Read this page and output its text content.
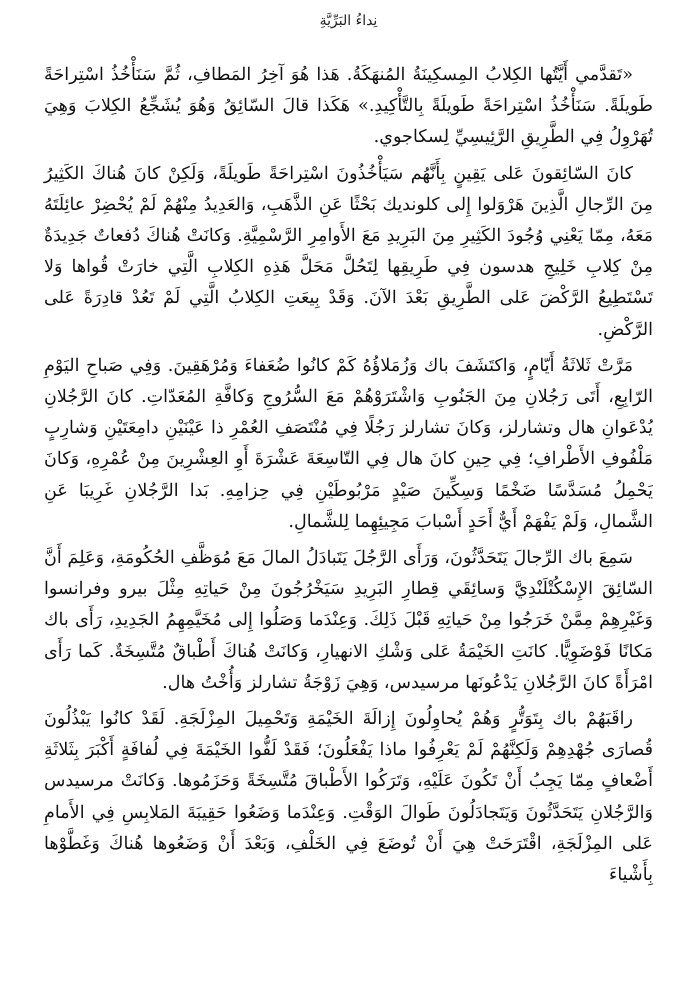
نِداءُ البَرِّيَّةِ

«تَقدَّمي أَيَّتُها الكِلابُ المِسكِينَةُ المُنهَكَةُ. هَذا هُوَ آخِرُ المَطافِ، ثُمَّ سَنَأْخُذُ اسْتِراحَةً طَويلَةً. سَنَأْخُذُ اسْتِراحَةً طَويلَةً بِالتَّأْكِيدِ.» هَكَذا قالَ السّائِقُ وَهُوَ يُشَجِّعُ الكِلابَ وَهِيَ تُهَرْوِلُ فِي الطَّرِيقِ الرَّئِيسِيِّ لِسكاجوي.

كانَ السّائِقونَ عَلى يَقِينٍ بِأَنَّهُم سَيَأْخُذُونَ اسْتِراحَةً طَويلَةً، وَلَكِنْ كانَ هُناكَ الكَثِيرُ مِنَ الرِّجالِ الَّذِينَ هَرْوَلوا إِلى كلونديك بَحْثًا عَنِ الذَّهَبِ، وَالعَدِيدُ مِنْهُمْ لَمْ يُحْضِرْ عائِلَتَهُ مَعَهُ، مِمّا يَعْنِي وُجُودَ الكَثِيرِ مِنَ البَرِيدِ مَعَ الأَوامِرِ الرَّسْمِيَّةِ. وَكانَتْ هُناكَ دُفعاتٌ جَدِيدَةٌ مِنْ كِلابِ خَلِيجِ هدسون فِي طَرِيقِها لِتَحُلَّ مَحَلَّ هَذِهِ الكِلابِ الَّتِي خارَتْ قُواها وَلا تَسْتَطِيعُ الرَّكْضَ عَلى الطَّرِيقِ بَعْدَ الآنَ. وَقَدْ بِيعَتِ الكِلابُ الَّتِي لَمْ تَعُدْ قادِرَةً عَلى الرَّكْضِ.

مَرَّتْ ثَلاثَةُ أَيّامٍ، وَاكتَشَفَ باك وَزُمَلاؤُهُ كَمْ كانُوا ضُعَفاءَ وَمُرْهَقِينَ. وَفِي صَباحِ اليَوْمِ الرّابِعِ، أَتَى رَجُلانِ مِنَ الجَنُوبِ وَاشْتَرَوْهُمْ مَعَ السُّرُوجِ وَكافَّةِ المُعَدّاتِ. كانَ الرَّجُلانِ يُدْعَوانِ هال وتشارلز، وَكانَ تشارلز رَجُلًا فِي مُنْتَصَفِ العُمْرِ ذا عَيْنَيْنِ دامِعَتَيْنِ وَشارِبٍ مَلْفُوفِ الأَطْرافِ؛ فِي حِينِ كانَ هال فِي التّاسِعَةَ عَشْرَةَ أَوِ العِشْرِينَ مِنْ عُمْرِهِ، وَكانَ يَحْمِلُ مُسَدَّسًا ضَخْمًا وَسِكِّينَ صَيْدٍ مَرْبُوطَيْنِ فِي حِزامِهِ. بَدا الرَّجُلانِ غَرِيبَا عَنِ الشَّمالِ، وَلَمْ يَفْهَمْ أَيٌّ أَحَدٍ أَسْبابَ مَجِيئِهِما لِلشَّمالِ.

سَمِعَ باك الرِّجالَ يَتَحَدَّثُونَ، وَرَأَى الرَّجُلَ يَتَبادَلُ المالَ مَعَ مُوَظَّفِ الحُكُومَةِ، وَعَلِمَ أَنَّ السّائِقَ الإِسْكُتْلَنْدِيَّ وَسائِقَي قِطارِ البَرِيدِ سَيَخْرُجُونَ مِنْ حَياتِهِ مِثْلَ بيرو وفرانسوا وَغَيْرِهِمْ مِمَّنْ خَرَجُوا مِنْ حَياتِهِ قَبْلَ ذَلِكَ. وَعِنْدَما وَصَلُوا إِلى مُخَيَّمِهِمُ الجَدِيدِ، رَأَى باك مَكانًا فَوْضَوِيًّا. كانَتِ الخَيْمَةُ عَلى وَشْكِ الانهيارِ، وَكانَتْ هُناكَ أَطْباقٌ مُتَّسِخَةٌ. كَما رَأَى امْرَأَةً كانَ الرَّجُلانِ يَدْعُونَها مرسيدس، وَهِيَ زَوْجَةُ تشارلز وَأُخْتُ هال.

راقَبَهُمْ باك بِتَوَتُّرٍ وَهُمْ يُحاوِلُونَ إِزالَةَ الخَيْمَةِ وَتَحْمِيلَ المِزْلَجَةِ. لَقَدْ كانُوا يَبْذُلُونَ قُصارَى جُهْدِهِمْ وَلَكِنَّهُمْ لَمْ يَعْرِفُوا ماذا يَفْعَلُونَ؛ فَقَدْ لَفُّوا الخَيْمَةَ فِي لُفافَةٍ أَكْبَرَ بِثَلاثَةِ أَضْعافٍ مِمّا يَجِبُ أَنْ تَكُونَ عَلَيْهِ، وَتَرَكُوا الأَطْباقَ مُتَّسِخَةً وَحَزَمُوها. وَكانَتْ مرسيدس وَالرَّجُلانِ يَتَحَدَّثُونَ وَيَتَجادَلُونَ طَوالَ الوَقْتِ. وَعِنْدَما وَضَعُوا حَقِيبَةَ المَلابِسِ فِي الأَمامِ عَلى المِزْلَجَةِ، اقْتَرَحَتْ هِيَ أَنْ تُوضَعَ فِي الخَلْفِ، وَبَعْدَ أَنْ وَضَعُوها هُناكَ وَغَطَّوْها بِأَشْياءَ
